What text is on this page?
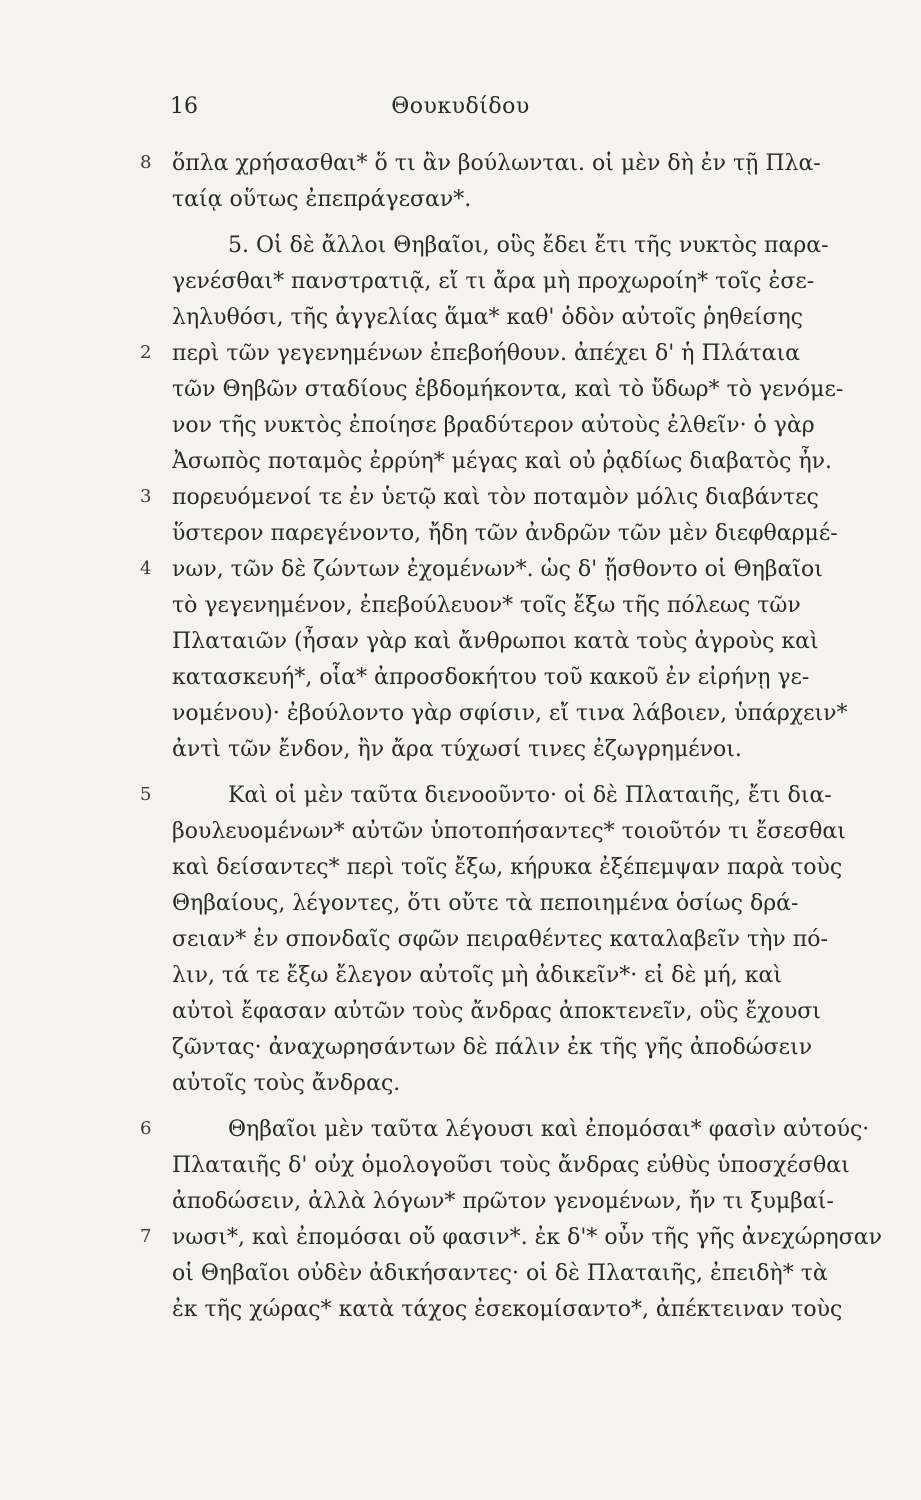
16	Θουκυδίδου
8 ὅπλα χρήσασθαι* ὅ τι ἂν βούλωνται. οἱ μὲν δὴ ἐν τῇ Πλα-
ταίᾳ οὕτως ἐπεπράγεσαν*.
5. Οἱ δὲ ἄλλοι Θηβαῖοι, οὓς ἔδει ἔτι τῆς νυκτὸς παρα-
γενέσθαι* πανστρατιᾷ, εἴ τι ἄρα μὴ προχωροίη* τοῖς ἐσε-
ληλυθόσι, τῆς ἀγγελίας ἅμα* καθ' ὁδὸν αὐτοῖς ῥηθείσης
2 περὶ τῶν γεγενημένων ἐπεβοήθουν. ἀπέχει δ' ἡ Πλάταια
τῶν Θηβῶν σταδίους ἑβδομήκοντα, καὶ τὸ ὕδωρ* τὸ γενόμε-
νον τῆς νυκτὸς ἐποίησε βραδύτερον αὐτοὺς ἐλθεῖν· ὁ γὰρ
Ἀσωπὸς ποταμὸς ἐρρύη* μέγας καὶ οὐ ῥᾳδίως διαβατὸς ἦν.
3 πορευόμενοί τε ἐν ὑετῷ καὶ τὸν ποταμὸν μόλις διαβάντες
ὕστερον παρεγένοντο, ἤδη τῶν ἀνδρῶν τῶν μὲν διεφθαρμέ-
4 νων, τῶν δὲ ζώντων ἐχομένων*. ὡς δ' ᾔσθοντο οἱ Θηβαῖοι
τὸ γεγενημένον, ἐπεβούλευον* τοῖς ἔξω τῆς πόλεως τῶν
Πλαταιῶν (ἦσαν γὰρ καὶ ἄνθρωποι κατὰ τοὺς ἀγροὺς καὶ
κατασκευή*, οἷα* ἀπροσδοκήτου τοῦ κακοῦ ἐν εἰρήνῃ γε-
νομένου)· ἐβούλοντο γὰρ σφίσιν, εἴ τινα λάβοιεν, ὑπάρχειν*
ἀντὶ τῶν ἔνδον, ἢν ἄρα τύχωσί τινες ἐζωγρημένοι.
5	Καὶ οἱ μὲν ταῦτα διενοοῦντο· οἱ δὲ Πλαταιῆς, ἔτι δια-
βουλευομένων* αὐτῶν ὑποτοπήσαντες* τοιοῦτόν τι ἔσεσθαι
καὶ δείσαντες* περὶ τοῖς ἔξω, κήρυκα ἐξέπεμψαν παρὰ τοὺς
Θηβαίους, λέγοντες, ὅτι οὔτε τὰ πεποιημένα ὁσίως δρά-
σειαν* ἐν σπονδαῖς σφῶν πειραθέντες καταλαβεῖν τὴν πό-
λιν, τά τε ἔξω ἔλεγον αὐτοῖς μὴ ἀδικεῖν*· εἰ δὲ μή, καὶ
αὐτοὶ ἔφασαν αὐτῶν τοὺς ἄνδρας ἀποκτενεῖν, οὓς ἔχουσι
ζῶντας· ἀναχωρησάντων δὲ πάλιν ἐκ τῆς γῆς ἀποδώσειν
αὐτοῖς τοὺς ἄνδρας.
6	Θηβαῖοι μὲν ταῦτα λέγουσι καὶ ἐπομόσαι* φασὶν αὐτούς·
Πλαταιῆς δ' οὐχ ὁμολογοῦσι τοὺς ἄνδρας εὐθὺς ὑποσχέσθαι
ἀποδώσειν, ἀλλὰ λόγων* πρῶτον γενομένων, ἤν τι ξυμβαί-
7 νωσι*, καὶ ἐπομόσαι οὔ φασιν*. ἐκ δ'* οὖν τῆς γῆς ἀνεχώρησαν
οἱ Θηβαῖοι οὐδὲν ἀδικήσαντες· οἱ δὲ Πλαταιῆς, ἐπειδὴ* τὰ
ἐκ τῆς χώρας* κατὰ τάχος ἐσεκομίσαντο*, ἀπέκτειναν τοὺς
